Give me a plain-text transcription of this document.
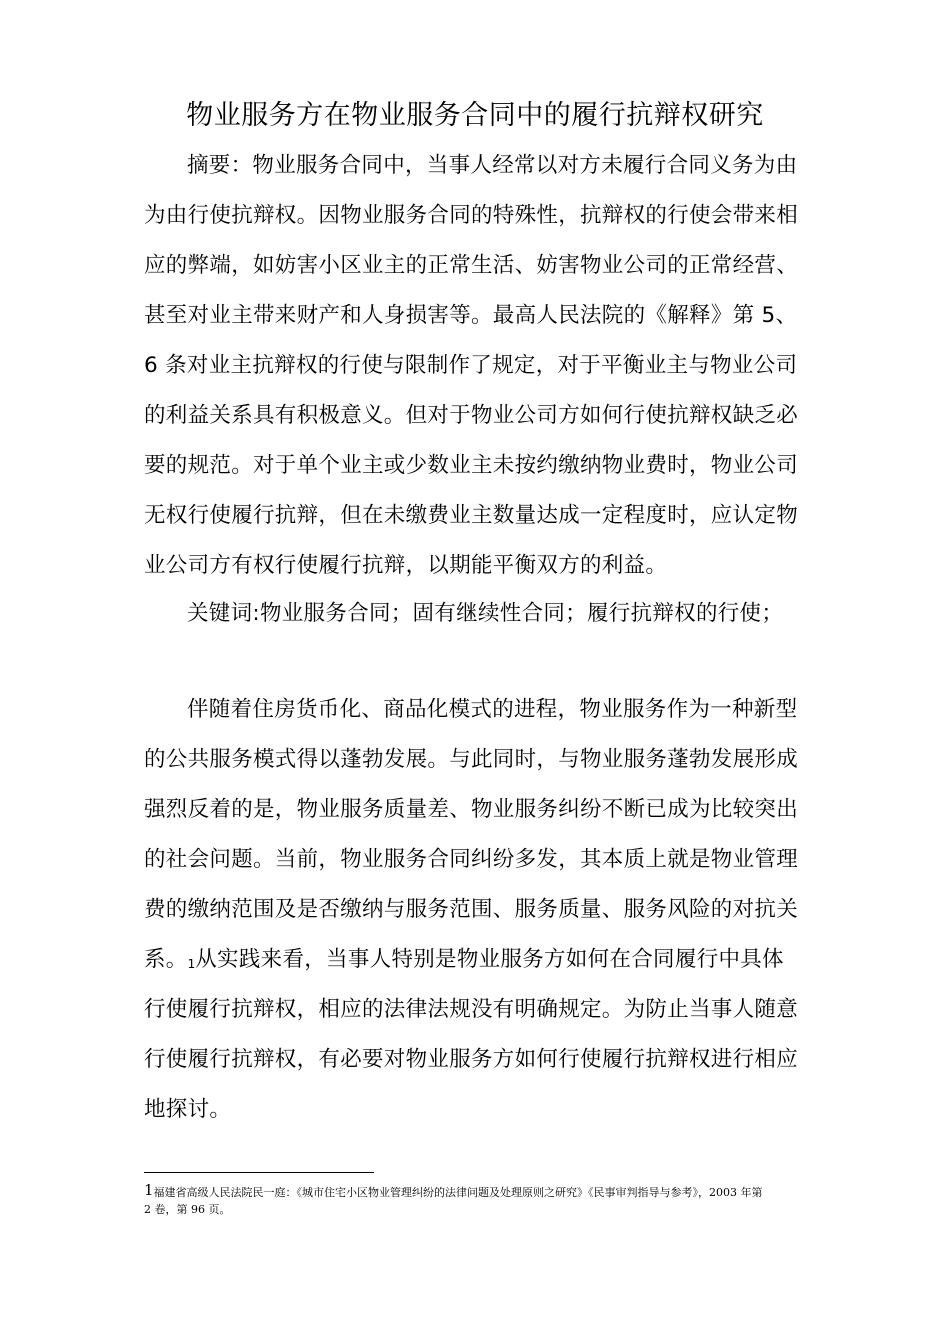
物业服务方在物业服务合同中的履行抗辩权研究
摘要：物业服务合同中，当事人经常以对方未履行合同义务为由
为由行使抗辩权。因物业服务合同的特殊性，抗辩权的行使会带来相
应的弊端，如妨害小区业主的正常生活、妨害物业公司的正常经营、
甚至对业主带来财产和人身损害等。最高人民法院的《解释》第 5、
6 条对业主抗辩权的行使与限制作了规定，对于平衡业主与物业公司
的利益关系具有积极意义。但对于物业公司方如何行使抗辩权缺乏必
要的规范。对于单个业主或少数业主未按约缴纳物业费时，物业公司
无权行使履行抗辩，但在未缴费业主数量达成一定程度时，应认定物
业公司方有权行使履行抗辩，以期能平衡双方的利益。
关键词:物业服务合同；固有继续性合同；履行抗辩权的行使；
伴随着住房货币化、商品化模式的进程，物业服务作为一种新型
的公共服务模式得以蓬勃发展。与此同时，与物业服务蓬勃发展形成
强烈反着的是，物业服务质量差、物业服务纠纷不断已成为比较突出
的社会问题。当前，物业服务合同纠纷多发，其本质上就是物业管理
费的缴纳范围及是否缴纳与服务范围、服务质量、服务风险的对抗关
系。1从实践来看，当事人特别是物业服务方如何在合同履行中具体
行使履行抗辩权，相应的法律法规没有明确规定。为防止当事人随意
行使履行抗辩权，有必要对物业服务方如何行使履行抗辩权进行相应
地探讨。
1福建省高级人民法院民一庭：《城市住宅小区物业管理纠纷的法律问题及处理原则之研究》《民事审判指导与参考》，2003 年第
2 卷，第 96 页。
